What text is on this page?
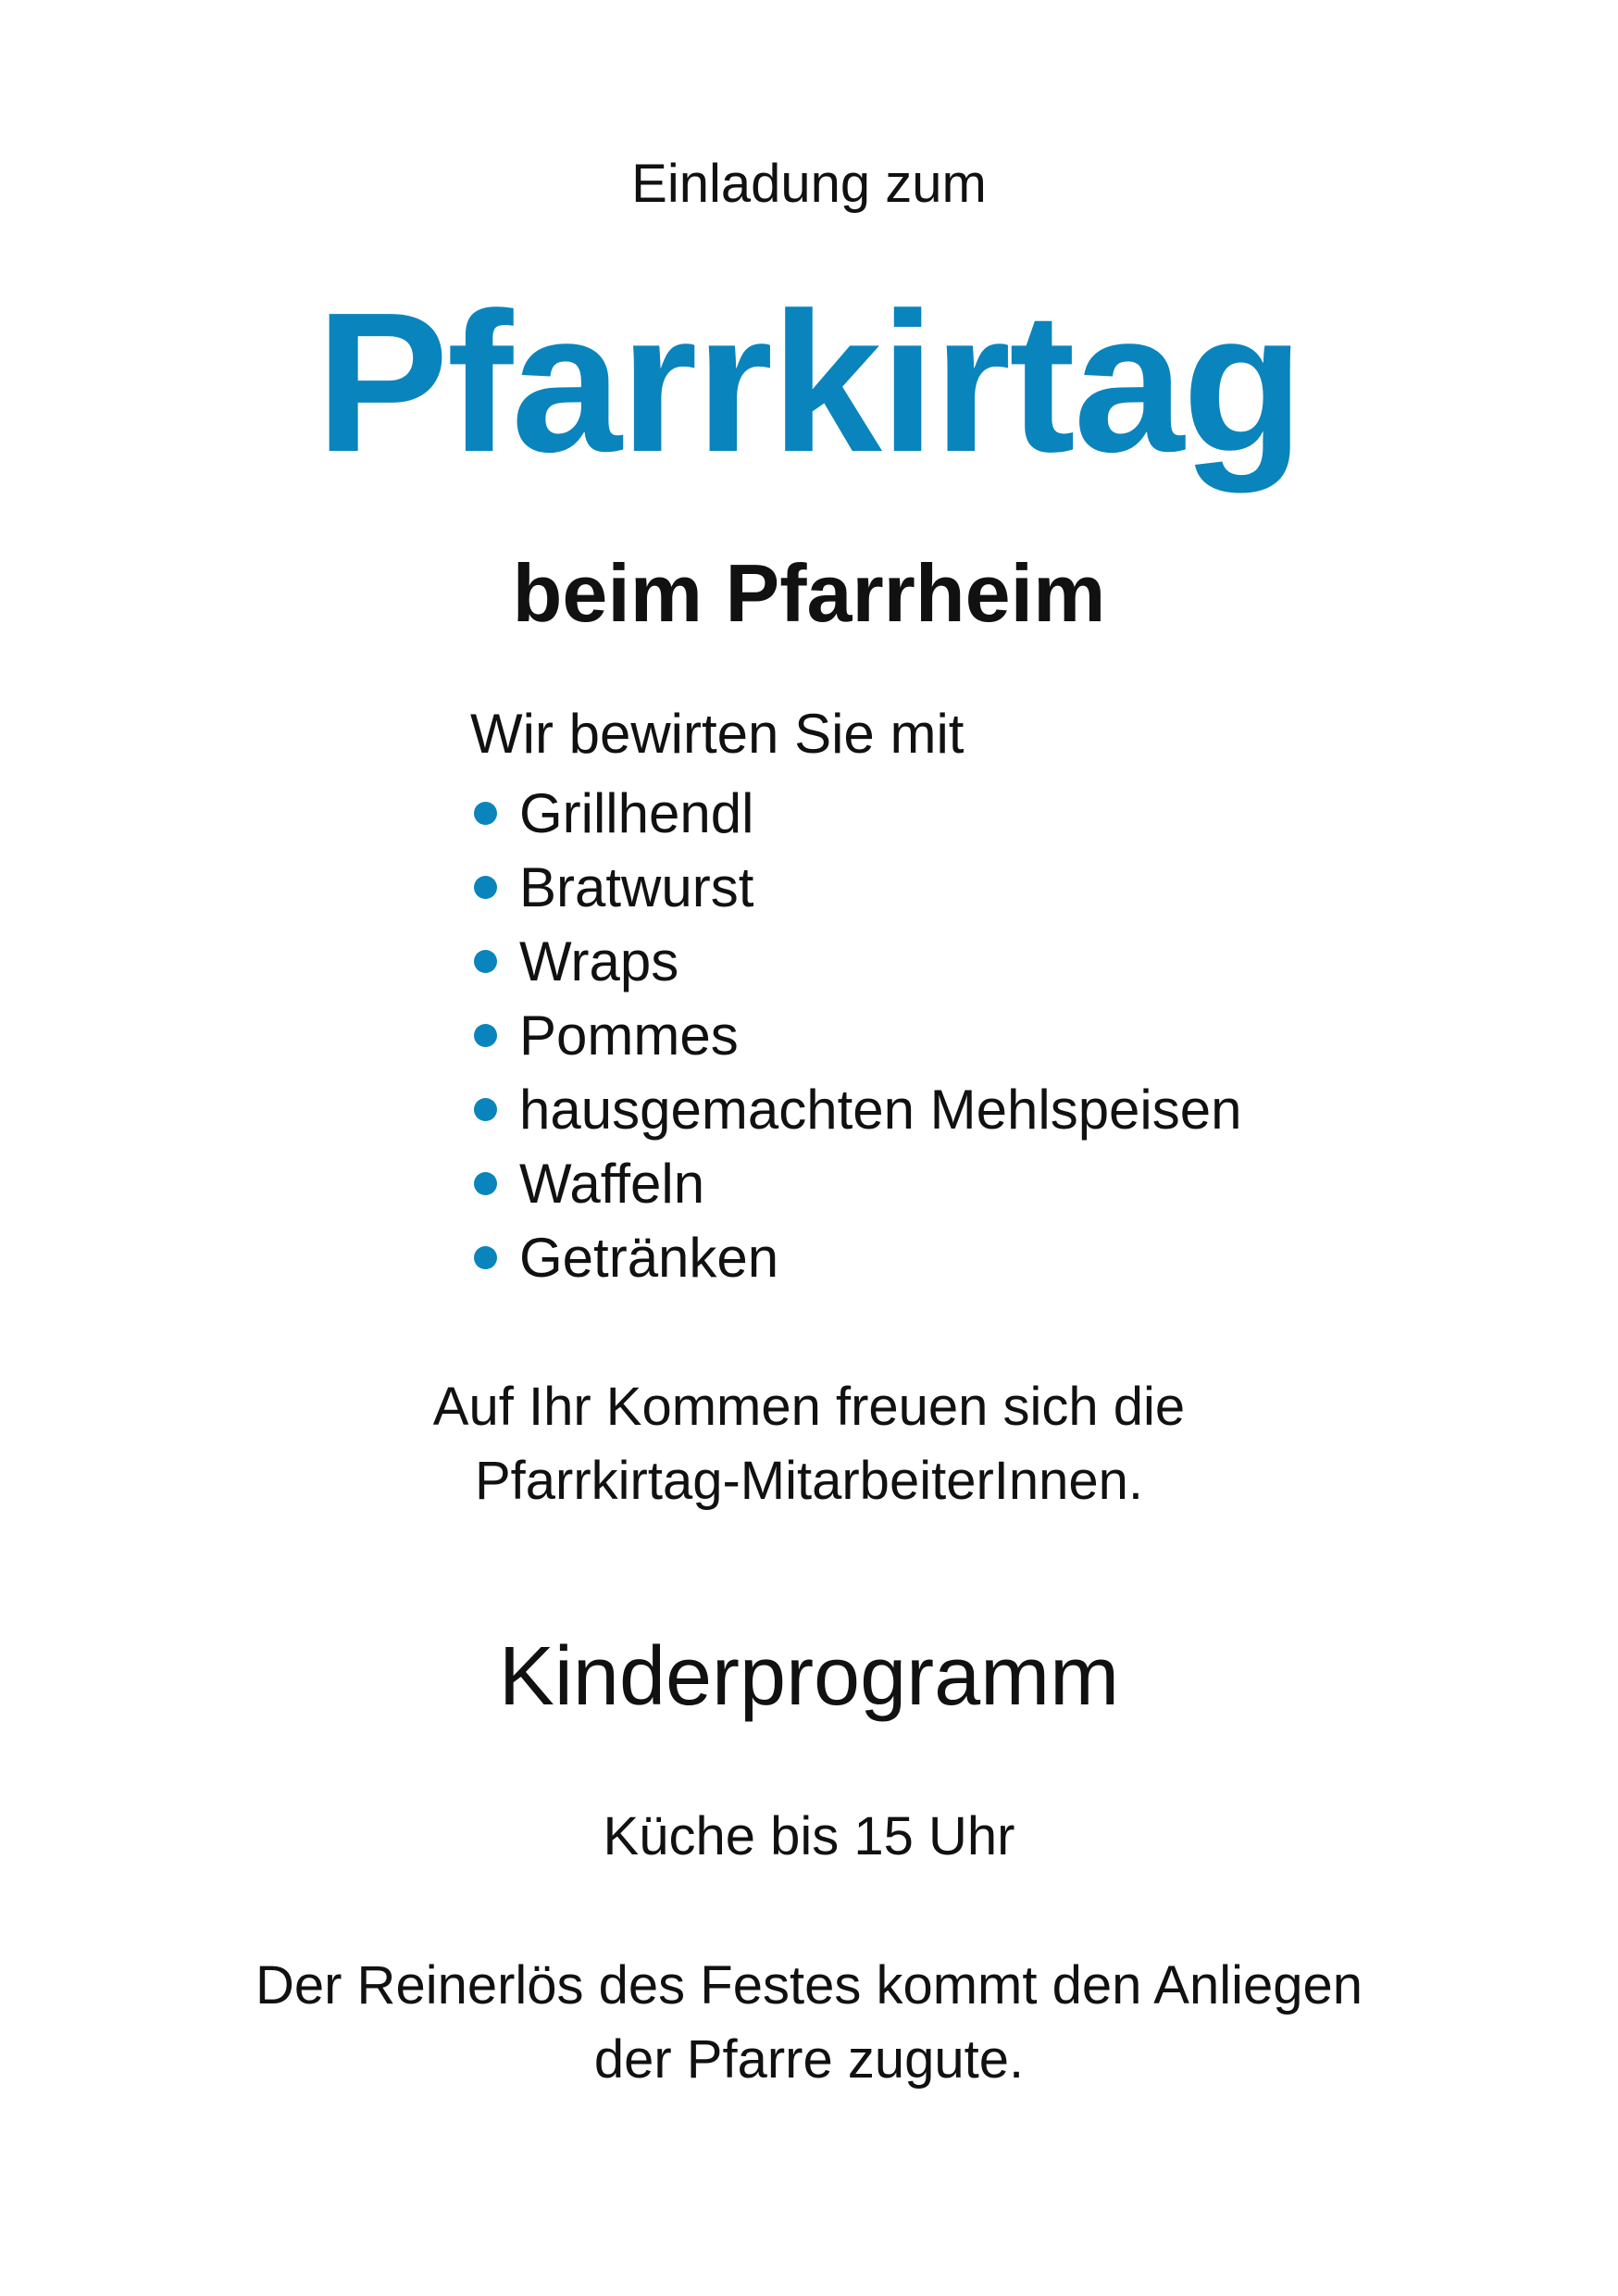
Einladung zum
Pfarrkirtag
beim Pfarrheim
Wir bewirten Sie mit
Grillhendl
Bratwurst
Wraps
Pommes
hausgemachten Mehlspeisen
Waffeln
Getränken
Auf Ihr Kommen freuen sich die
Pfarrkirtag-MitarbeiterInnen.
Kinderprogramm
Küche bis 15 Uhr
Der Reinerlös des Festes kommt den Anliegen
der Pfarre zugute.
